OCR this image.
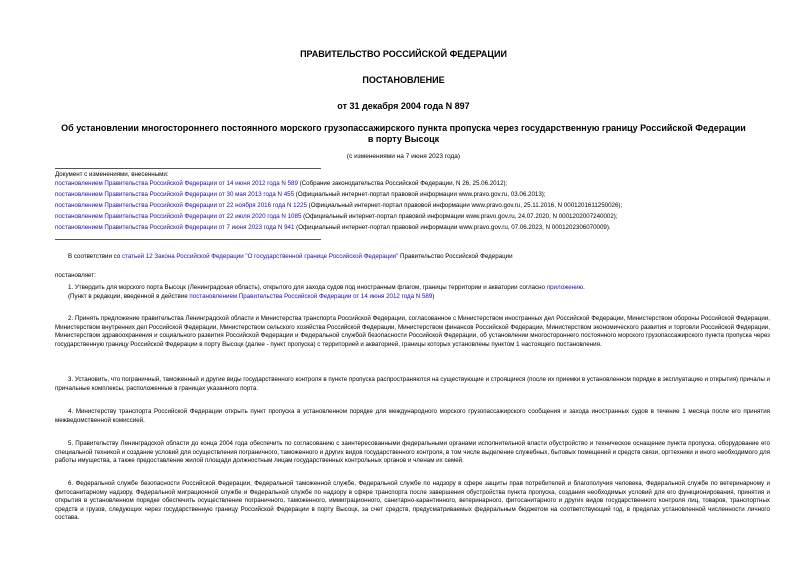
ПРАВИТЕЛЬСТВО РОССИЙСКОЙ ФЕДЕРАЦИИ
ПОСТАНОВЛЕНИЕ
от 31 декабря 2004 года N 897
Об установлении многостороннего постоянного морского грузопассажирского пункта пропуска через государственную границу Российской Федерации в порту Высоцк
(с изменениями на 7 июня 2023 года)
Документ с изменениями, внесенными:
постановлением Правительства Российской Федерации от 14 июня 2012 года N 589 (Собрание законодательства Российской Федерации, N 26, 25.06.2012);
постановлением Правительства Российской Федерации от 30 мая 2013 года N 455 (Официальный интернет-портал правовой информации www.pravo.gov.ru, 03.06.2013);
постановлением Правительства Российской Федерации от 22 ноября 2016 года N 1225 (Официальный интернет-портал правовой информации www.pravo.gov.ru, 25.11.2016, N 0001201611250026);
постановлением Правительства Российской Федерации от 22 июля 2020 года N 1085 (Официальный интернет-портал правовой информации www.pravo.gov.ru, 24.07.2020, N 0001202007240002);
постановлением Правительства Российской Федерации от 7 июня 2023 года N 941 (Официальный интернет-портал правовой информации www.pravo.gov.ru, 07.06.2023, N 0001202306070009).
В соответствии со статьей 12 Закона Российской Федерации "О государственной границе Российской Федерации" Правительство Российской Федерации
постановляет:
1. Утвердить для морского порта Высоцк (Ленинградская область), открытого для захода судов под иностранным флагом, границы территории и акватории согласно приложению.
(Пункт в редакции, введенной в действие постановлением Правительства Российской Федерации от 14 июня 2012 года N 589)
2. Принять предложение правительства Ленинградской области и Министерства транспорта Российской Федерации, согласованное с Министерством иностранных дел Российской Федерации, Министерством обороны Российской Федерации, Министерством внутренних дел Российской Федерации, Министерством сельского хозяйства Российской Федерации, Министерством финансов Российской Федерации, Министерством экономического развития и торговли Российской Федерации, Министерством здравоохранения и социального развития Российской Федерации и Федеральной службой безопасности Российской Федерации, об установлении многостороннего постоянного морского грузопассажирского пункта пропуска через государственную границу Российской Федерации в порту Высоцк (далее - пункт пропуска) с территорией и акваторией, границы которых установлены пунктом 1 настоящего постановления.
3. Установить, что пограничный, таможенный и другие виды государственного контроля в пункте пропуска распространяются на существующие и строящиеся (после их приемки в установленном порядке в эксплуатацию и открытия) причалы и причальные комплексы, расположенные в границах указанного порта.
4. Министерству транспорта Российской Федерации открыть пункт пропуска в установленном порядке для международного морского грузопассажирского сообщения и захода иностранных судов в течение 1 месяца после его принятия межведомственной комиссией.
5. Правительству Ленинградской области до конца 2004 года обеспечить по согласованию с заинтересованными федеральными органами исполнительной власти обустройство и техническое оснащение пункта пропуска, оборудование его специальной техникой и создание условий для осуществления пограничного, таможенного и других видов государственного контроля, в том числе выделение служебных, бытовых помещений и средств связи, оргтехники и иного необходимого для работы имущества, а также предоставление жилой площади должностным лицам государственных контрольных органов и членам их семей.
6. Федеральной службе безопасности Российской Федерации, Федеральной таможенной службе, Федеральной службе по надзору в сфере защиты прав потребителей и благополучия человека, Федеральной службе по ветеринарному и фитосанитарному надзору, Федеральной миграционной службе и Федеральной службе по надзору в сфере транспорта после завершения обустройства пункта пропуска, создания необходимых условий для его функционирования, принятия и открытия в установленном порядке обеспечить осуществление пограничного, таможенного, иммиграционного, санитарно-карантинного, ветеринарного, фитосанитарного и других видов государственного контроля лиц, товаров, транспортных средств и грузов, следующих через государственную границу Российской Федерации в порту Высоцк, за счет средств, предусматриваемых федеральным бюджетом на соответствующий год, в пределах установленной численности личного состава.
